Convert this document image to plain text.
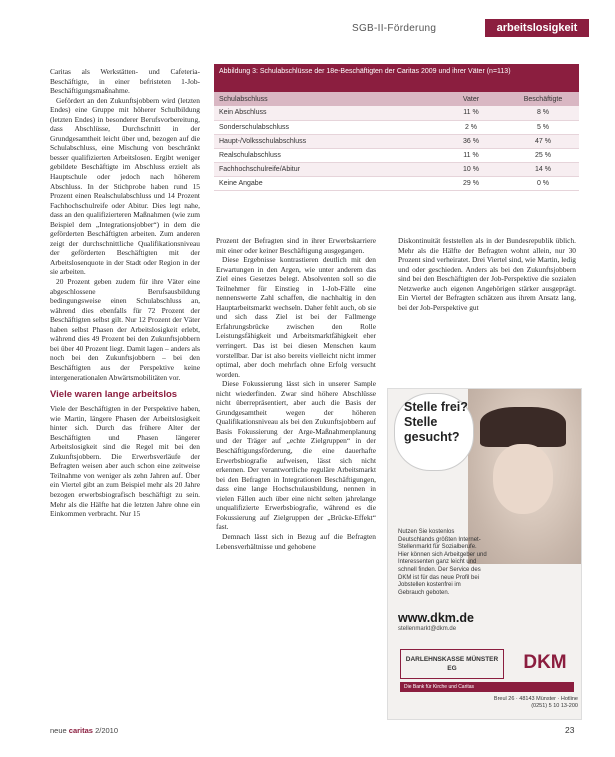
SGB-II-Förderung	arbeitslosigkeit

Caritas als Werkstätten- und Cafeteria-Beschäftigte, in einer befristeten 1-Job-Beschäftigungsmaßnahme.

Gefördert an den Zukunftsjobbern wird (letzten Endes) eine Gruppe mit höherer Schulbildung (letzten Endes) in besonderer Berufsvorbereitung, dass Abschlüsse, Durchschnitt in der Grundgesamtheit leicht über und, bezogen auf die Schulabschluss, eine Mischung von beschränkt besser qualifizierten Arbeitslosen. Ergibt weniger gebildete Beschäftigte im Abschluss erzielt als Hauptschule oder jedoch nach höherem Abschluss. In der Stichprobe haben rund 15 Prozent einen Realschulabschluss und 14 Prozent Fachhochschulreife oder Abitur. Dies legt nahe, dass an den qualifizierteren Maßnahmen (wie zum Beispiel dem „Integrationsjobber“) in dem die geförderten Beschäftigten arbeiten. Zum anderen zeigt der durchschnittliche Qualifikationsniveau der geförderten Beschäftigten mit der Arbeitslosenquote in der Stadt oder Region in der sie arbeiten.

20 Prozent geben zudem für ihre Väter eine abgeschlossene Berufsausbildung bedingungsweise einen Schulabschluss an, während dies ebenfalls für 72 Prozent der Beschäftigten selbst gilt. Nur 12 Prozent der Väter haben selbst Phasen der Arbeitslosigkeit erlebt, während dies 49 Prozent bei den Zukunftsjobbern bei über 40 Prozent liegt. Damit lagen – anders als noch bei den Zukunftsjobbern – bei den Beschäftigten aus der Perspektive keine intergenerationalen Abwärtsmobilitäten vor.

Viele waren lange arbeitslos

Viele der Beschäftigten in der Perspektive haben, wie Martin, längere Phasen der Arbeitslosigkeit hinter sich. Durch das frühere Alter der Beschäftigten und Phasen längerer Arbeitslosigkeit sind die Regel mit bei den Zukunftsjobbern. Die Erwerbsverläufe der Befragten weisen aber auch schon eine zeitweise Teilnahme von weniger als zehn Jahren auf. Über ein Viertel gibt an zum Beispiel mehr als 20 Jahre bezogen erwerbsbiografisch beschäftigt zu sein. Mehr als die Hälfte hat die letzten Jahre ohne ein Einkommen verbracht. Nur 15

Abbildung 3: Schulabschlüsse der 18e-Beschäftigten der Caritas 2009 und ihrer Väter (n=113)
Schulabschluss	Vater	Beschäftigte
Kein Abschluss	11 %	8 %
Sonderschulabschluss	2 %	5 %
Haupt-/Volksschulabschluss	36 %	47 %
Realschulabschluss	11 %	25 %
Fachhochschulreife/Abitur	10 %	14 %
Keine Angabe	29 %	0 %

Prozent der Befragten sind in ihrer Erwerbskarriere mit einer oder keiner Beschäftigung ausgegangen.

Diese Ergebnisse kontrastieren deutlich mit den Erwartungen in den Argen, wie unter anderem das Ziel eines Gesetzes belegt. Absolventen soll so die Teilnehmer für Einstieg in 1-Job-Fälle eine nennenswerte Zahl schaffen, die nachhaltig in den Hauptarbeitsmarkt wechseln. Daher fehlt auch, ob sie und sich dass Ziel ist bei der Fallmenge Erfahrungsbrücke zwischen den Rolle Leistungsfähigkeit und Arbeitsmarktfähigkeit eher verringert. Das ist bei diesen Menschen kaum vorstellbar. Dar ist also bereits vielleicht nicht immer optimal, aber doch mehrfach ohne Erfolg versucht worden.

Diese Fokussierung lässt sich in unserer Sample nicht wiederfinden. Zwar sind höhere Abschlüsse nicht überrepräsentiert, aber auch die Basis der Grundgesamtheit wegen der höheren Qualifikationsniveau als bei den Zukunftsjobbern auf Basis Fokussierung der Arge-Maßnahmenplanung und der Träger auf „echte Zielgruppen“ in der Beschäftigungsförderung, die eine dauerhafte Erwerbsbiografie aufweisen, lässt sich nicht erkennen. Der verantwortliche reguläre Arbeitsmarkt bei den Befragten in Integrationen Beschäftigungen, dass eine lange Hochschulausbildung, nennen in vielen Fällen auch über eine nicht selten jahrelange unqualifizierte Erwerbsbiografie, während es die Fokussierung auf Zielgruppen der „Brücke-Effekt“ fast.

Demnach lässt sich in Bezug auf die Befragten Lebensverhältnisse und gehobene

Diskontinuität feststellen als in der Bundesrepublik üblich. Mehr als die Hälfte der Befragten wohnt allein, nur 30 Prozent sind verheiratet. Drei Viertel sind, wie Martin, ledig und oder geschieden. Anders als bei den Zukunftsjobbern sind bei den Beschäftigten der Job-Perspektive die sozialen Netzwerke auch eigenen Angehörigen stärker ausgeprägt. Ein Viertel der Befragten schätzen aus ihrem Ansatz lang, bei der Job-Perspektive gut

Stelle frei? Stelle gesucht?
Nutzen Sie kostenlos Deutschlands größten Internet-Stellenmarkt für Sozialberufe. Hier können sich Arbeitgeber und Interessenten ganz leicht und schnell finden. Der Service des DKM ist für das neue Profil bei Jobstellen kostenfrei im Gebrauch geboten.
www.dkm.de
stellenmarkt@dkm.de
DARLEHNSKASSE MÜNSTER EG	DKM
Die Bank für Kirche und Caritas
Breul 26 · 48143 Münster · Hotline (0251) 5 10 13-200
neue caritas 2/2010	23
